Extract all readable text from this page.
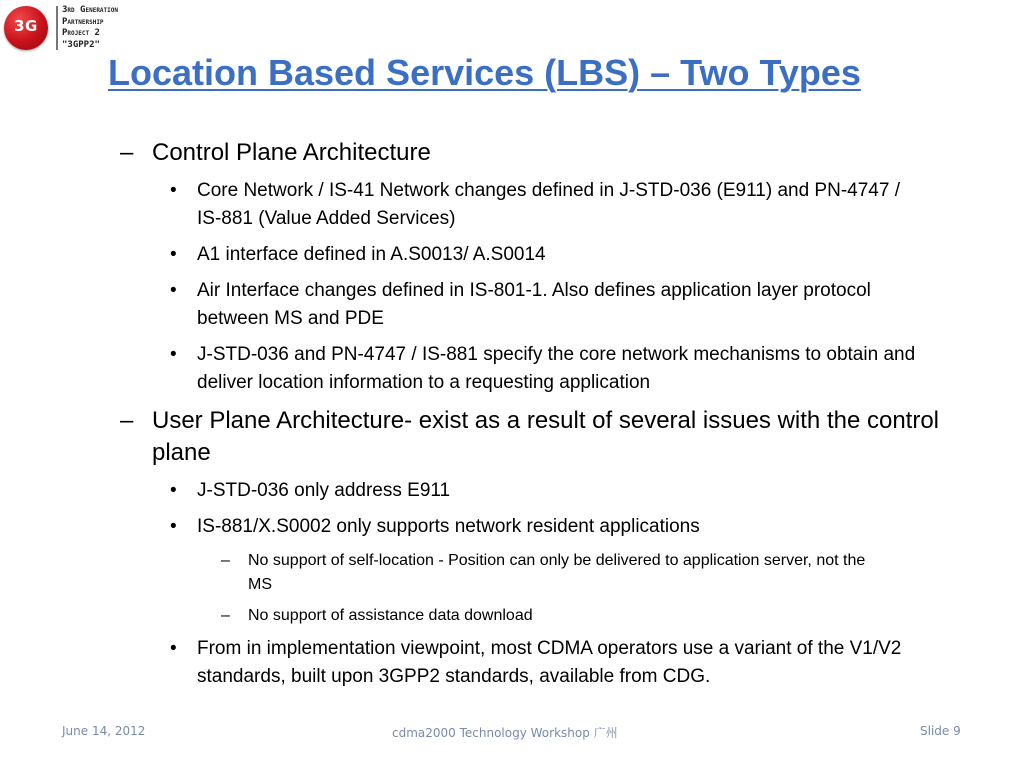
3G
3rd Generation
Partnership
Project 2
"3GPP2"
Location Based Services (LBS) – Two Types
– Control Plane Architecture
• Core Network / IS-41 Network changes defined in J-STD-036 (E911) and PN-4747 / IS-881 (Value Added Services)
• A1 interface defined in A.S0013/ A.S0014
• Air Interface changes defined in IS-801-1. Also defines application layer protocol between MS and PDE
• J-STD-036 and PN-4747 / IS-881 specify the core network mechanisms to obtain and deliver location information to a requesting application
– User Plane Architecture- exist as a result of several issues with the control plane
• J-STD-036 only address E911
• IS-881/X.S0002 only supports network resident applications
– No support of self-location - Position can only be delivered to application server, not the MS
– No support of assistance data download
• From in implementation viewpoint, most CDMA operators use a variant of the V1/V2 standards, built upon 3GPP2 standards, available from CDG.
June 14, 2012	cdma2000 Technology Workshop 广州	Slide 9
